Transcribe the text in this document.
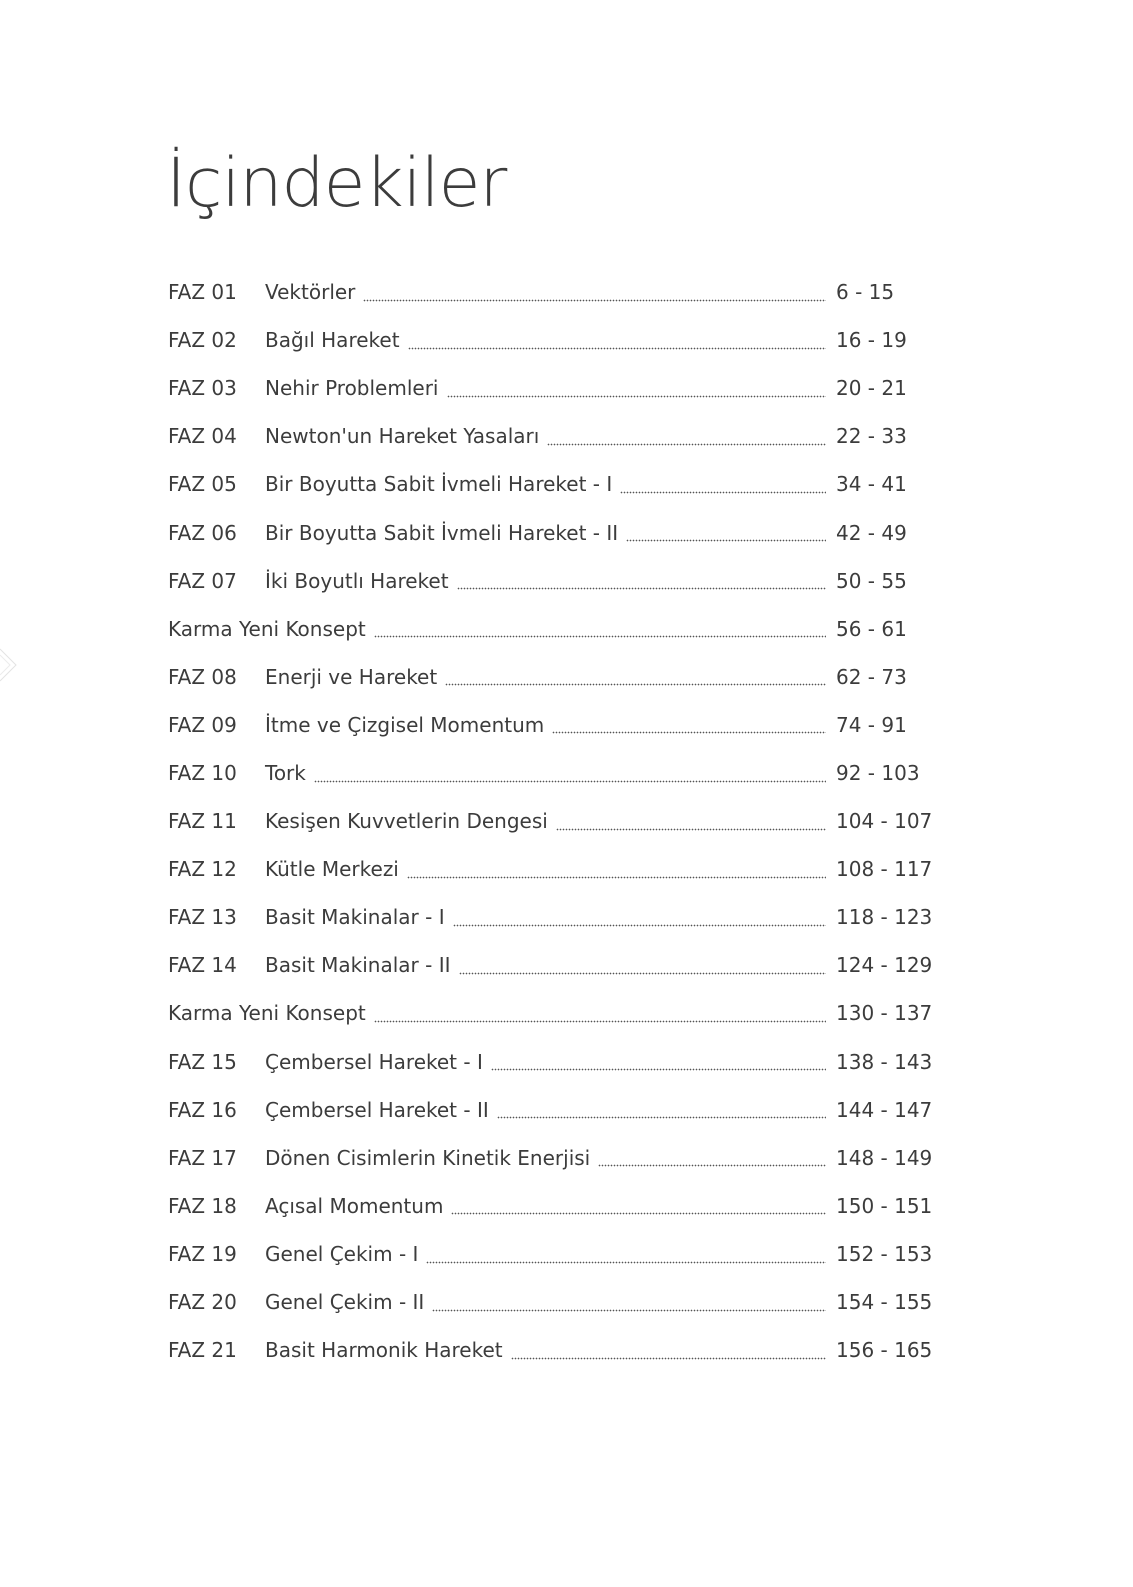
İçindekiler
FAZ 01	Vektörler	6 - 15
FAZ 02	Bağıl Hareket	16 - 19
FAZ 03	Nehir Problemleri	20 - 21
FAZ 04	Newton'un Hareket Yasaları	22 - 33
FAZ 05	Bir Boyutta Sabit İvmeli Hareket - I	34 - 41
FAZ 06	Bir Boyutta Sabit İvmeli Hareket - II	42 - 49
FAZ 07	İki Boyutlı Hareket	50 - 55
Karma Yeni Konsept	56 - 61
FAZ 08	Enerji ve Hareket	62 - 73
FAZ 09	İtme ve Çizgisel Momentum	74 - 91
FAZ 10	Tork	92 - 103
FAZ 11	Kesişen Kuvvetlerin Dengesi	104 - 107
FAZ 12	Kütle Merkezi	108 - 117
FAZ 13	Basit Makinalar - I	118 - 123
FAZ 14	Basit Makinalar - II	124 - 129
Karma Yeni Konsept	130 - 137
FAZ 15	Çembersel Hareket - I	138 - 143
FAZ 16	Çembersel Hareket - II	144 - 147
FAZ 17	Dönen Cisimlerin Kinetik Enerjisi	148 - 149
FAZ 18	Açısal Momentum	150 - 151
FAZ 19	Genel Çekim - I	152 - 153
FAZ 20	Genel Çekim - II	154 - 155
FAZ 21	Basit Harmonik Hareket	156 - 165
